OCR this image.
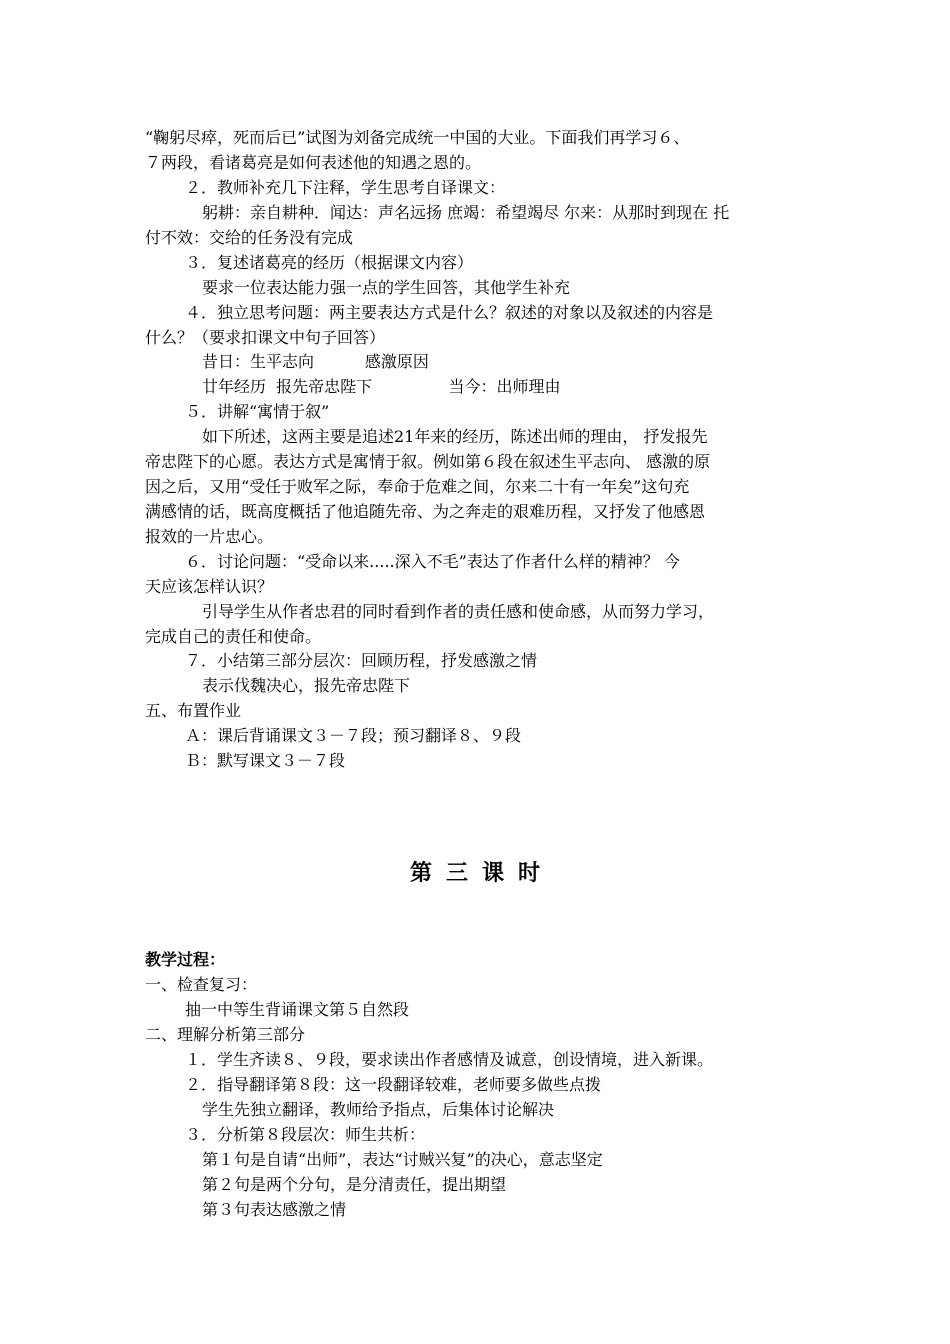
“鞠躬尽瘁，死而后已”试图为刘备完成统一中国的大业。下面我们再学习６、
７两段，看诸葛亮是如何表述他的知遇之恩的。
２．教师补充几下注释，学生思考自译课文：
躬耕：亲自耕种．闻达：声名远扬 庶竭：希望竭尽 尔来：从那时到现在 托
付不效：交给的任务没有完成
３．复述诸葛亮的经历（根据课文内容）
要求一位表达能力强一点的学生回答，其他学生补充
４．独立思考问题：两主要表达方式是什么？叙述的对象以及叙述的内容是
什么？（要求扣课文中句子回答）
昔日：生平志向          感激原因
廿年经历  报先帝忠陛下               当今：出师理由
５．讲解“寓情于叙”
如下所述，这两主要是追述21年来的经历，陈述出师的理由， 抒发报先
帝忠陛下的心愿。表达方式是寓情于叙。例如第６段在叙述生平志向、 感激的原
因之后，又用“受任于败军之际，奉命于危难之间，尔来二十有一年矣”这句充
满感情的话，既高度概括了他追随先帝、为之奔走的艰难历程，又抒发了他感恩
报效的一片忠心。
６．讨论问题：“受命以来.....深入不毛”表达了作者什么样的精神？ 今
天应该怎样认识？
引导学生从作者忠君的同时看到作者的责任感和使命感，从而努力学习，
完成自己的责任和使命。
７．小结第三部分层次：回顾历程，抒发感激之情
表示伐魏决心，报先帝忠陛下
五、布置作业
Ａ：课后背诵课文３－７段；预习翻译８、９段
Ｂ：默写课文３－７段
第三课时
教学过程：
一、检查复习：
抽一中等生背诵课文第５自然段
二、理解分析第三部分
１．学生齐读８、９段，要求读出作者感情及诚意，创设情境，进入新课。
２．指导翻译第８段：这一段翻译较难，老师要多做些点拨
学生先独立翻译，教师给予指点，后集体讨论解决
３．分析第８段层次：师生共析：
第１句是自请“出师”，表达“讨贼兴复”的决心，意志坚定
第２句是两个分句，是分清责任，提出期望
第３句表达感激之情
